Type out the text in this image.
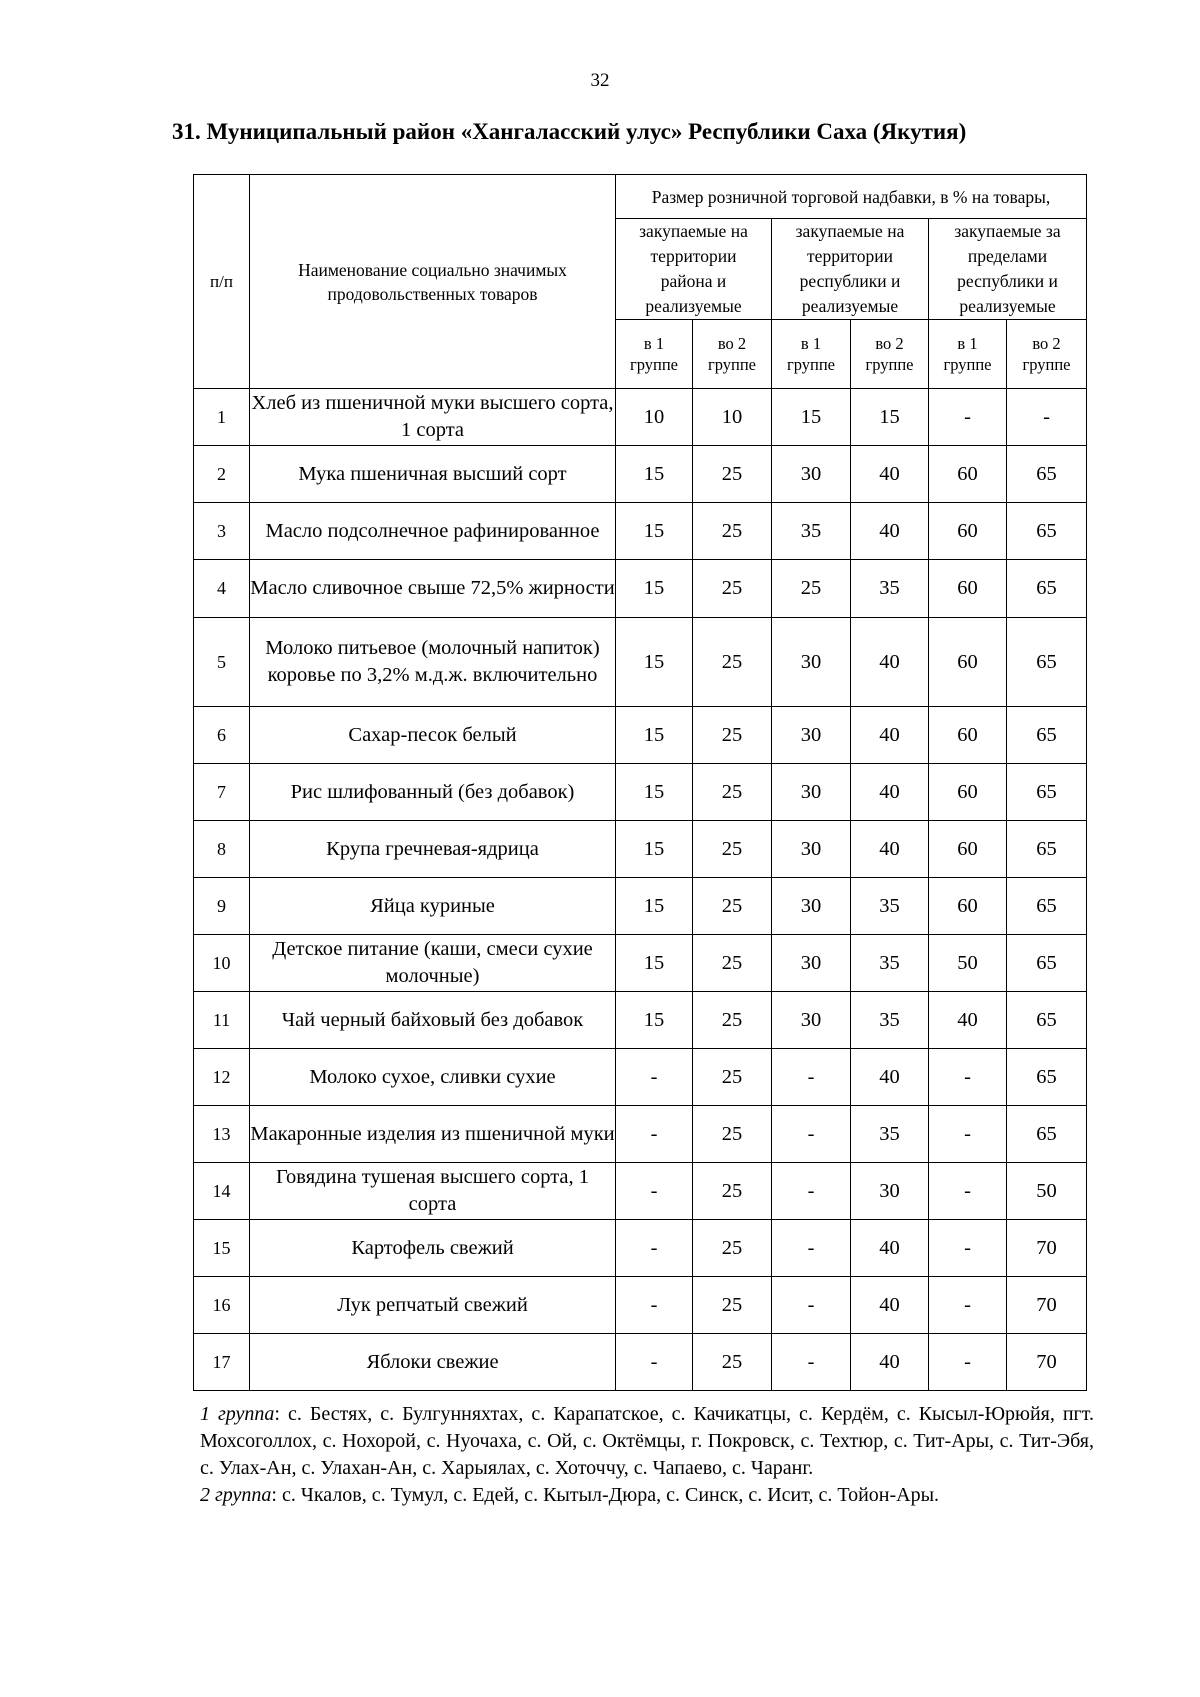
32
31. Муниципальный район «Хангаласский улус» Республики Саха (Якутия)
п/п	Наименование социально значимых продовольственных товаров	Размер розничной торговой надбавки, в % на товары,					
		закупаемые на территории района и реализуемые		закупаемые на территории республики и реализуемые		закупаемые за пределами республики и реализуемые	
		в 1 группе	во 2 группе	в 1 группе	во 2 группе	в 1 группе	во 2 группе
1	Хлеб из пшеничной муки высшего сорта, 1 сорта	10	10	15	15	-	-
2	Мука пшеничная высший сорт	15	25	30	40	60	65
3	Масло подсолнечное рафинированное	15	25	35	40	60	65
4	Масло сливочное свыше 72,5% жирности	15	25	25	35	60	65
5	Молоко питьевое (молочный напиток) коровье по 3,2% м.д.ж. включительно	15	25	30	40	60	65
6	Сахар-песок белый	15	25	30	40	60	65
7	Рис шлифованный (без добавок)	15	25	30	40	60	65
8	Крупа гречневая-ядрица	15	25	30	40	60	65
9	Яйца куриные	15	25	30	35	60	65
10	Детское питание (каши, смеси сухие молочные)	15	25	30	35	50	65
11	Чай черный байховый без добавок	15	25	30	35	40	65
12	Молоко сухое, сливки сухие	-	25	-	40	-	65
13	Макаронные изделия из пшеничной муки	-	25	-	35	-	65
14	Говядина тушеная высшего сорта, 1 сорта	-	25	-	30	-	50
15	Картофель свежий	-	25	-	40	-	70
16	Лук репчатый свежий	-	25	-	40	-	70
17	Яблоки свежие	-	25	-	40	-	70

1 группа: с. Бестях, с. Булгунняхтах, с. Карапатское, с. Качикатцы, с. Кердём, с. Кысыл-Юрюйя, пгт. Мохсоголлох, с. Нохорой, с. Нуочаха, с. Ой, с. Октёмцы, г. Покровск, с. Техтюр, с. Тит-Ары, с. Тит-Эбя, с. Улах-Ан, с. Улахан-Ан, с. Харыялах, с. Хоточчу, с. Чапаево, с. Чаранг.

2 группа: с. Чкалов, с. Тумул, с. Едей, с. Кытыл-Дюра, с. Синск, с. Исит, с. Тойон-Ары.
